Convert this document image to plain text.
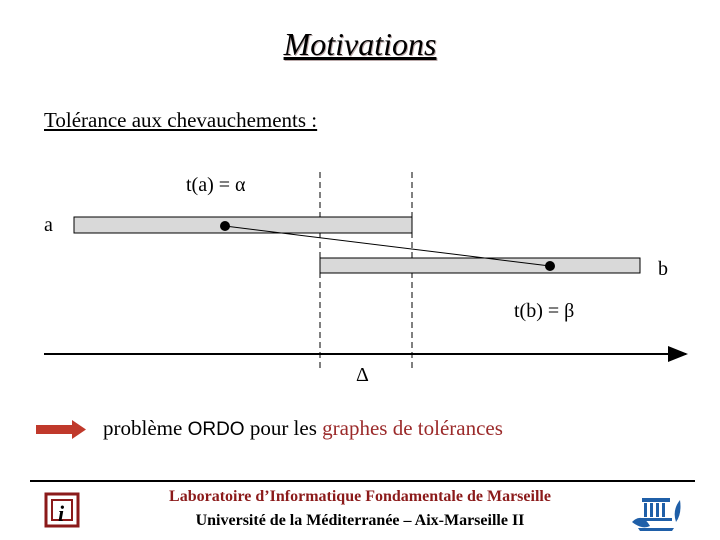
Motivations
Tolérance aux chevauchements :
t(a) = α
a
b
t(b) = β
Δ
problème ORDO pour les graphes de tolérances
i
Laboratoire d’Informatique Fondamentale de Marseille
Université de la Méditerranée – Aix-Marseille II
